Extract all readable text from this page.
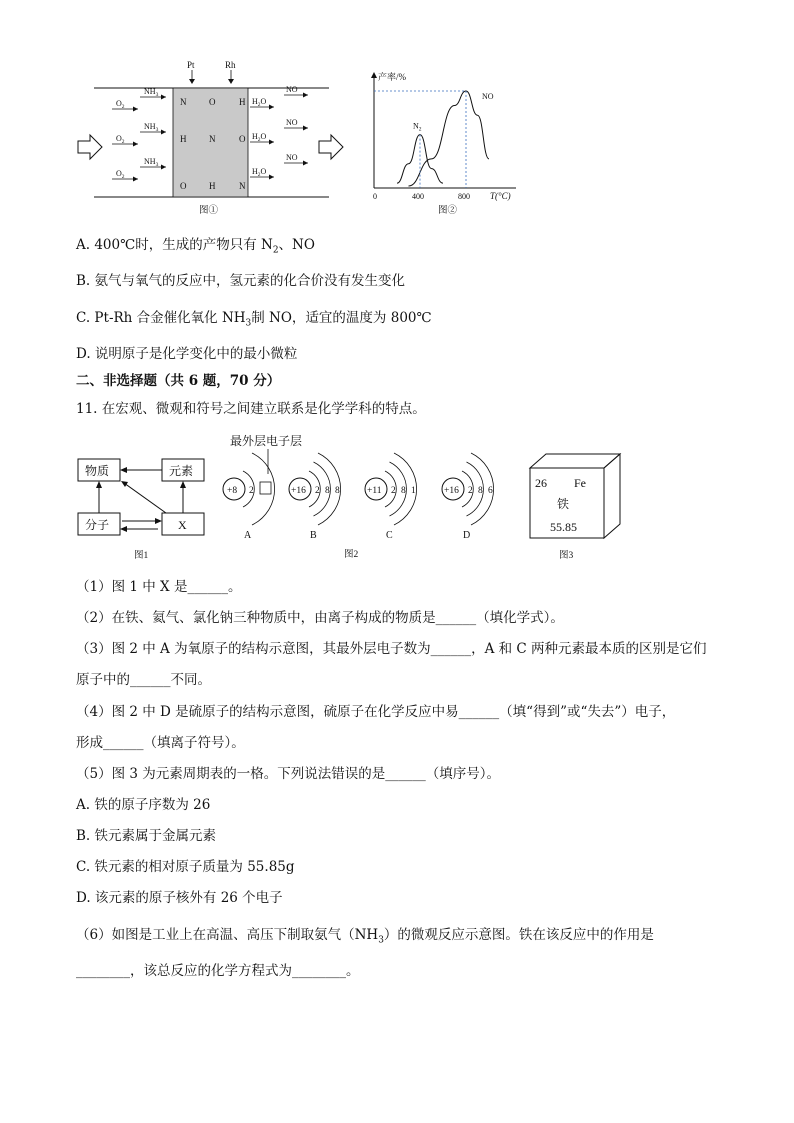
Pt	Rh
$NH_3$
$O_2$
$NH_3$
$O_2$
$NH_3$
$O_2$
N	O	H
H	N	O
O	H	N
NO
$H_2O$
NO
$H_2O$
NO
$H_2O$
图①
产率/%
0	400	800
$N_2$
NO
T(°C)
图②
A. 400℃时，生成的产物只有 $N_2$、NO
B. 氨气与氧气的反应中，氢元素的化合价没有发生变化
C. Pt-Rh 合金催化氧化 $NH_3$制 NO，适宜的温度为 800℃
D. 说明原子是化学变化中的最小微粒
二、非选择题（共 6 题，70 分）
11. 在宏观、微观和符号之间建立联系是化学学科的特点。
物质	元素
分子	X
图1
最外层电子层
+8 2
A
+16 2 8 8
B
+11 2 8 1
C
+16 2 8 6
D
图2
26 Fe
铁
55.85
图3
（1）图 1 中 X 是______。
（2）在铁、氦气、氯化钠三种物质中，由离子构成的物质是______（填化学式）。
（3）图 2 中 A 为氧原子的结构示意图，其最外层电子数为______，A 和 C 两种元素最本质的区别是它们
原子中的______不同。
（4）图 2 中 D 是硫原子的结构示意图，硫原子在化学反应中易______（填“得到”或“失去”）电子，
形成______（填离子符号）。
（5）图 3 为元素周期表的一格。下列说法错误的是______（填序号）。
A. 铁的原子序数为 26
B. 铁元素属于金属元素
C. 铁元素的相对原子质量为 55.85g
D. 该元素的原子核外有 26 个电子
（6）如图是工业上在高温、高压下制取氨气$(NH_3)$的微观反应示意图。铁在该反应中的作用是
________，该总反应的化学方程式为________。
